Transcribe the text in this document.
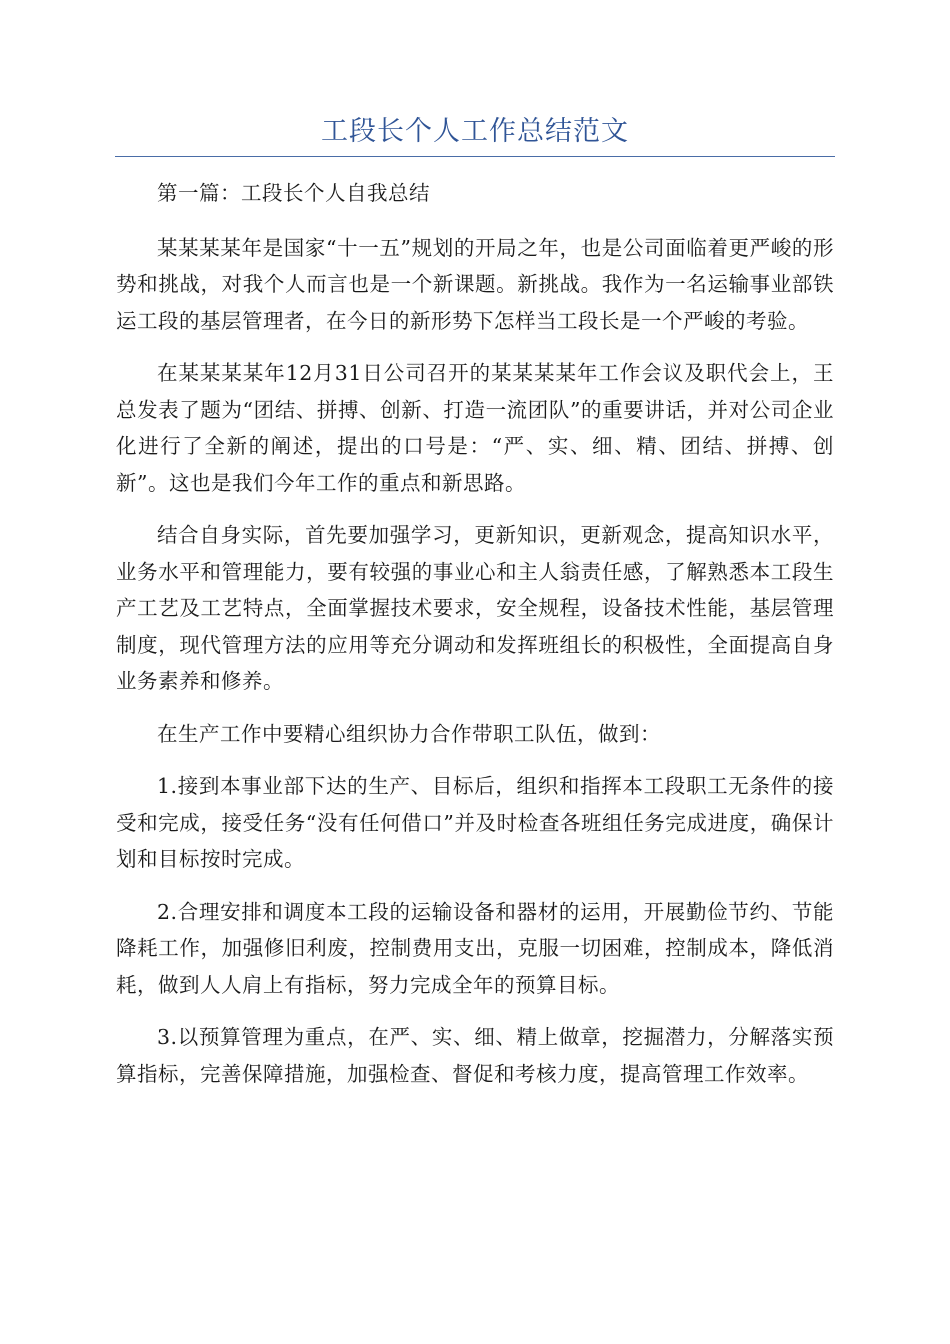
工段长个人工作总结范文

第一篇：工段长个人自我总结

某某某某年是国家“十一五”规划的开局之年，也是公司面临着更严峻的形势和挑战，对我个人而言也是一个新课题。新挑战。我作为一名运输事业部铁运工段的基层管理者，在今日的新形势下怎样当工段长是一个严峻的考验。

在某某某某年12月31日公司召开的某某某某年工作会议及职代会上，王总发表了题为“团结、拼搏、创新、打造一流团队”的重要讲话，并对公司企业化进行了全新的阐述，提出的口号是：“严、实、细、精、团结、拼搏、创新”。这也是我们今年工作的重点和新思路。

结合自身实际，首先要加强学习，更新知识，更新观念，提高知识水平，业务水平和管理能力，要有较强的事业心和主人翁责任感，了解熟悉本工段生产工艺及工艺特点，全面掌握技术要求，安全规程，设备技术性能，基层管理制度，现代管理方法的应用等充分调动和发挥班组长的积极性，全面提高自身业务素养和修养。

在生产工作中要精心组织协力合作带职工队伍，做到：

1.接到本事业部下达的生产、目标后，组织和指挥本工段职工无条件的接受和完成，接受任务“没有任何借口”并及时检查各班组任务完成进度，确保计划和目标按时完成。

2.合理安排和调度本工段的运输设备和器材的运用，开展勤俭节约、节能降耗工作，加强修旧利废，控制费用支出，克服一切困难，控制成本，降低消耗，做到人人肩上有指标，努力完成全年的预算目标。

3.以预算管理为重点，在严、实、细、精上做章，挖掘潜力，分解落实预算指标，完善保障措施，加强检查、督促和考核力度，提高管理工作效率。
